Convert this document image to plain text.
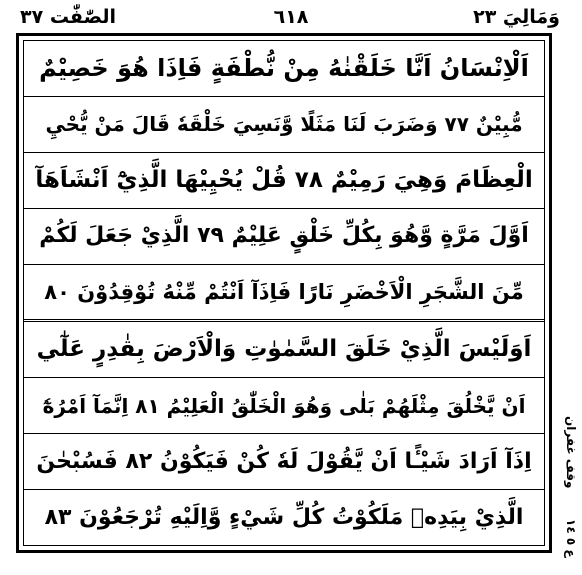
وَمَالِيَ ٢٣
٦١٨
الصّٰفّٰت ٣٧
اَلْاِنْسَانُ اَنَّا خَلَقْنٰهُ مِنْ نُّطْفَةٍ فَاِذَا هُوَ خَصِيْمٌ
مُّبِيْنٌ ٧٧ وَضَرَبَ لَنَا مَثَلًا وَّنَسِيَ خَلْقَهٗ قَالَ مَنْ يُّحْيِ
الْعِظَامَ وَهِيَ رَمِيْمٌ ٧٨ قُلْ يُحْيِيْهَا الَّذِيْٓ اَنْشَاَهَآ
اَوَّلَ مَرَّةٍ وَّهُوَ بِكُلِّ خَلْقٍ عَلِيْمٌ ٧٩ الَّذِيْ جَعَلَ لَكُمْ
مِّنَ الشَّجَرِ الْاَخْضَرِ نَارًا فَاِذَآ اَنْتُمْ مِّنْهُ تُوْقِدُوْنَ ٨٠
اَوَلَيْسَ الَّذِيْ خَلَقَ السَّمٰوٰتِ وَالْاَرْضَ بِقٰدِرٍ عَلٰٓي
اَنْ يَّخْلُقَ مِثْلَهُمْ بَلٰى وَهُوَ الْخَلّٰقُ الْعَلِيْمُ ٨١ اِنَّمَآ اَمْرُهٗٓ
اِذَآ اَرَادَ شَيْـًٔا اَنْ يَّقُوْلَ لَهٗ كُنْ فَيَكُوْنُ ٨٢ فَسُبْحٰنَ
الَّذِيْ بِيَدِهٖ مَلَكُوْتُ كُلِّ شَيْءٍ وَّاِلَيْهِ تُرْجَعُوْنَ ٨٣
وقف غفران
ع ٥ ١٤
